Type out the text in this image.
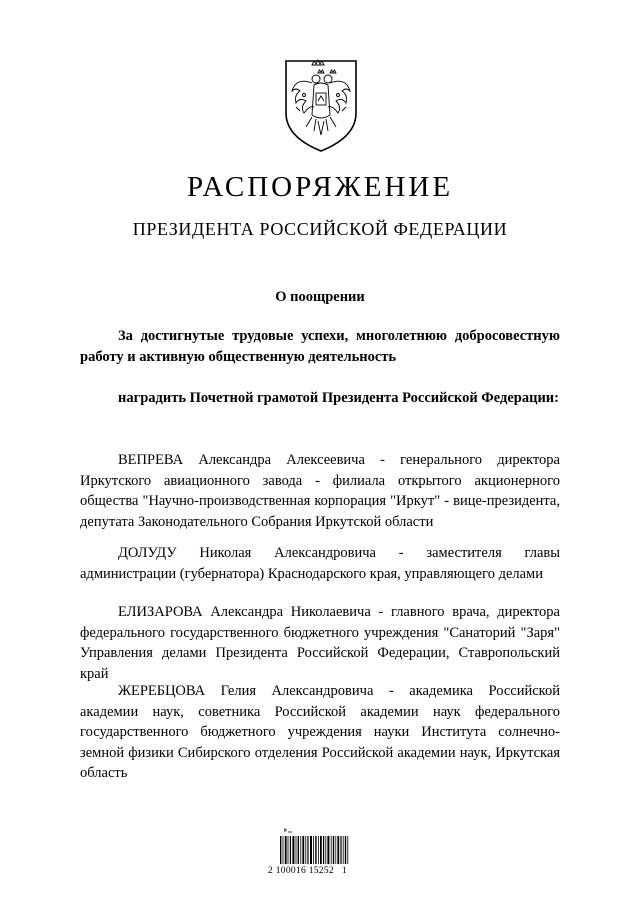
РАСПОРЯЖЕНИЕ
ПРЕЗИДЕНТА РОССИЙСКОЙ ФЕДЕРАЦИИ
О поощрении
За достигнутые трудовые успехи, многолетнюю добросовестную работу и активную общественную деятельность
наградить Почетной грамотой Президента Российской Федерации:
ВЕПРЕВА Александра Алексеевича - генерального директора Иркутского авиационного завода - филиала открытого акционерного общества "Научно-производственная корпорация "Иркут" - вице-президента, депутата Законодательного Собрания Иркутской области
ДОЛУДУ Николая Александровича - заместителя главы администрации (губернатора) Краснодарского края, управляющего делами
ЕЛИЗАРОВА Александра Николаевича - главного врача, директора федерального государственного бюджетного учреждения "Санаторий "Заря" Управления делами Президента Российской Федерации, Ставропольский край
ЖЕРЕБЦОВА Гелия Александровича - академика Российской академии наук, советника Российской академии наук федерального государственного бюджетного учреждения науки Института солнечно-земной физики Сибирского отделения Российской академии наук, Иркутская область
2 100016 15252   1
